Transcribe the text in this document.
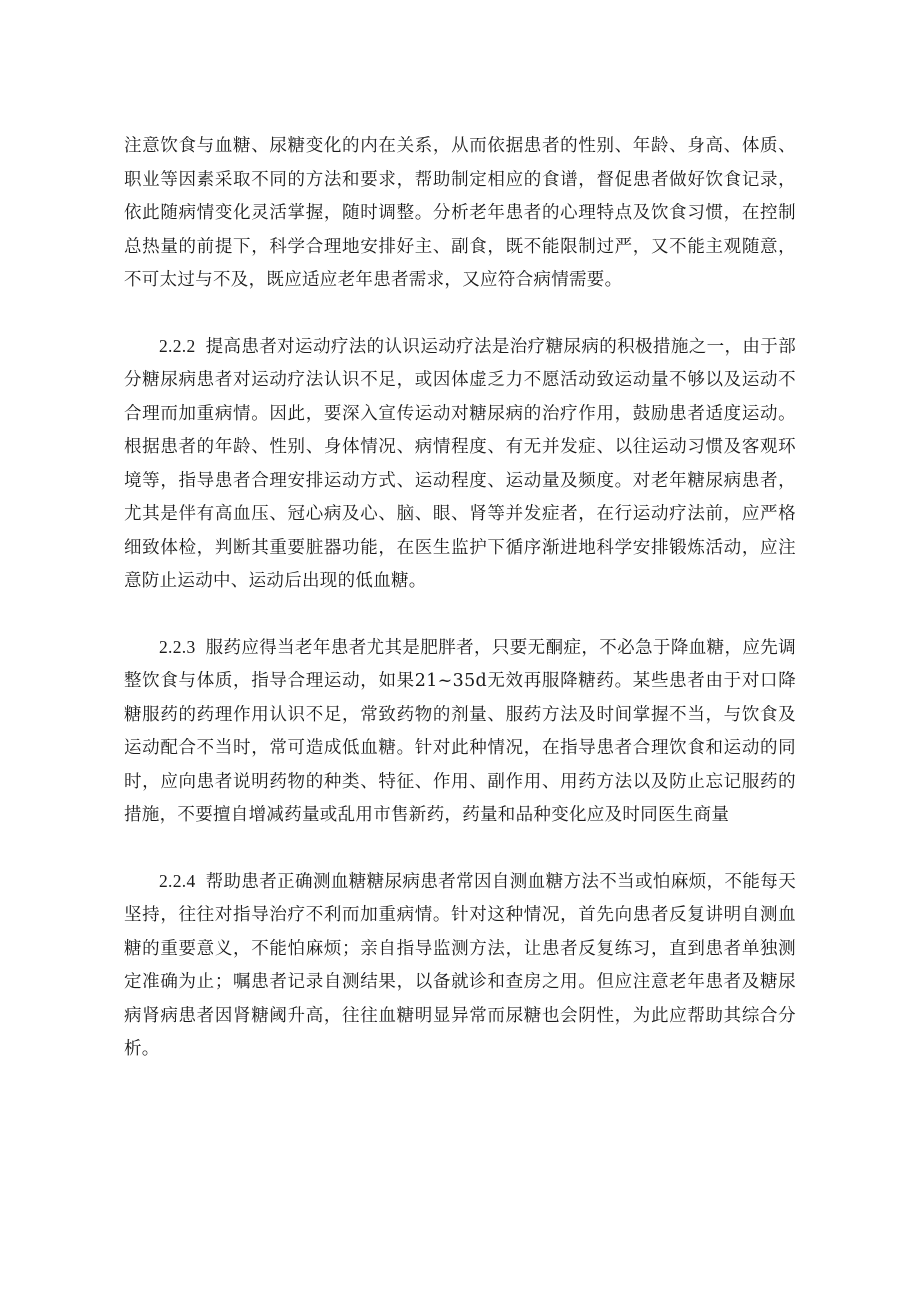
注意饮食与血糖、尿糖变化的内在关系，从而依据患者的性别、年龄、身高、体质、职业等因素采取不同的方法和要求，帮助制定相应的食谱，督促患者做好饮食记录，依此随病情变化灵活掌握，随时调整。分析老年患者的心理特点及饮食习惯，在控制总热量的前提下，科学合理地安排好主、副食，既不能限制过严，又不能主观随意，不可太过与不及，既应适应老年患者需求，又应符合病情需要。

2.2.2 提高患者对运动疗法的认识运动疗法是治疗糖尿病的积极措施之一，由于部分糖尿病患者对运动疗法认识不足，或因体虚乏力不愿活动致运动量不够以及运动不合理而加重病情。因此，要深入宣传运动对糖尿病的治疗作用，鼓励患者适度运动。根据患者的年龄、性别、身体情况、病情程度、有无并发症、以往运动习惯及客观环境等，指导患者合理安排运动方式、运动程度、运动量及频度。对老年糖尿病患者，尤其是伴有高血压、冠心病及心、脑、眼、肾等并发症者，在行运动疗法前，应严格细致体检，判断其重要脏器功能，在医生监护下循序渐进地科学安排锻炼活动，应注意防止运动中、运动后出现的低血糖。

2.2.3 服药应得当老年患者尤其是肥胖者，只要无酮症，不必急于降血糖，应先调整饮食与体质，指导合理运动，如果21~35d无效再服降糖药。某些患者由于对口降糖服药的药理作用认识不足，常致药物的剂量、服药方法及时间掌握不当，与饮食及运动配合不当时，常可造成低血糖。针对此种情况，在指导患者合理饮食和运动的同时，应向患者说明药物的种类、特征、作用、副作用、用药方法以及防止忘记服药的措施，不要擅自增减药量或乱用市售新药，药量和品种变化应及时同医生商量

2.2.4 帮助患者正确测血糖糖尿病患者常因自测血糖方法不当或怕麻烦，不能每天坚持，往往对指导治疗不利而加重病情。针对这种情况，首先向患者反复讲明自测血糖的重要意义，不能怕麻烦；亲自指导监测方法，让患者反复练习，直到患者单独测定准确为止；嘱患者记录自测结果，以备就诊和查房之用。但应注意老年患者及糖尿病肾病患者因肾糖阈升高，往往血糖明显异常而尿糖也会阴性，为此应帮助其综合分析。
